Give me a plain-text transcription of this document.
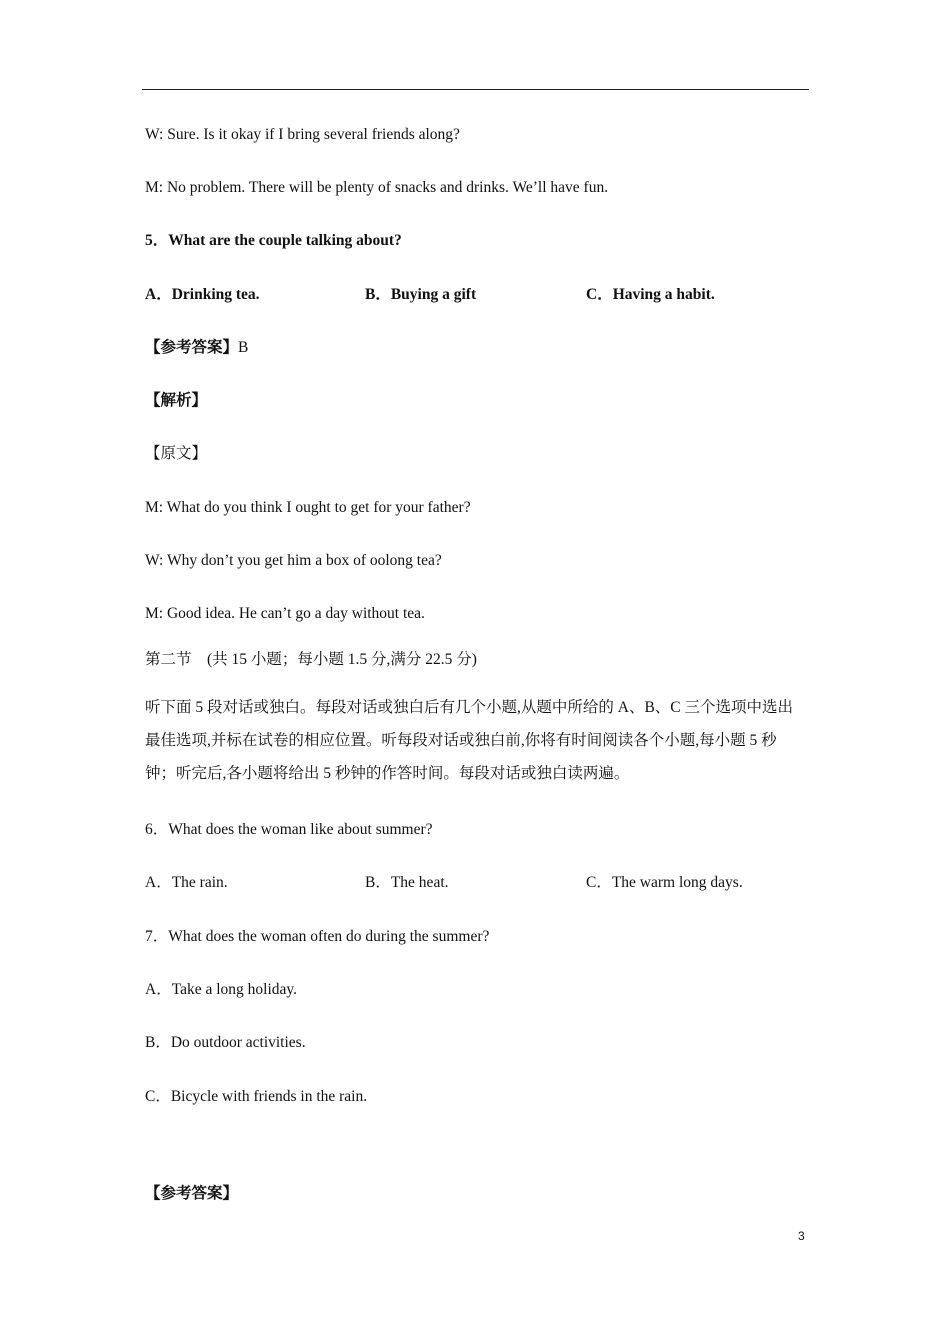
W: Sure. Is it okay if I bring several friends along?
M: No problem. There will be plenty of snacks and drinks. We’ll have fun.
5．What are the couple talking about?
A．Drinking tea.	B．Buying a gift	C．Having a habit.
【参考答案】B
【解析】
【原文】
M: What do you think I ought to get for your father?
W: Why don’t you get him a box of oolong tea?
M: Good idea. He can’t go a day without tea.
第二节　(共 15 小题；每小题 1.5 分,满分 22.5 分)
听下面 5 段对话或独白。每段对话或独白后有几个小题,从题中所给的 A、B、C 三个选项中选出最佳选项,并标在试卷的相应位置。听每段对话或独白前,你将有时间阅读各个小题,每小题 5 秒钟；听完后,各小题将给出 5 秒钟的作答时间。每段对话或独白读两遍。
6．What does the woman like about summer?
A．The rain.	B．The heat.	C．The warm long days.
7．What does the woman often do during the summer?
A．Take a long holiday.
B．Do outdoor activities.
C．Bicycle with friends in the rain.
【参考答案】
3
